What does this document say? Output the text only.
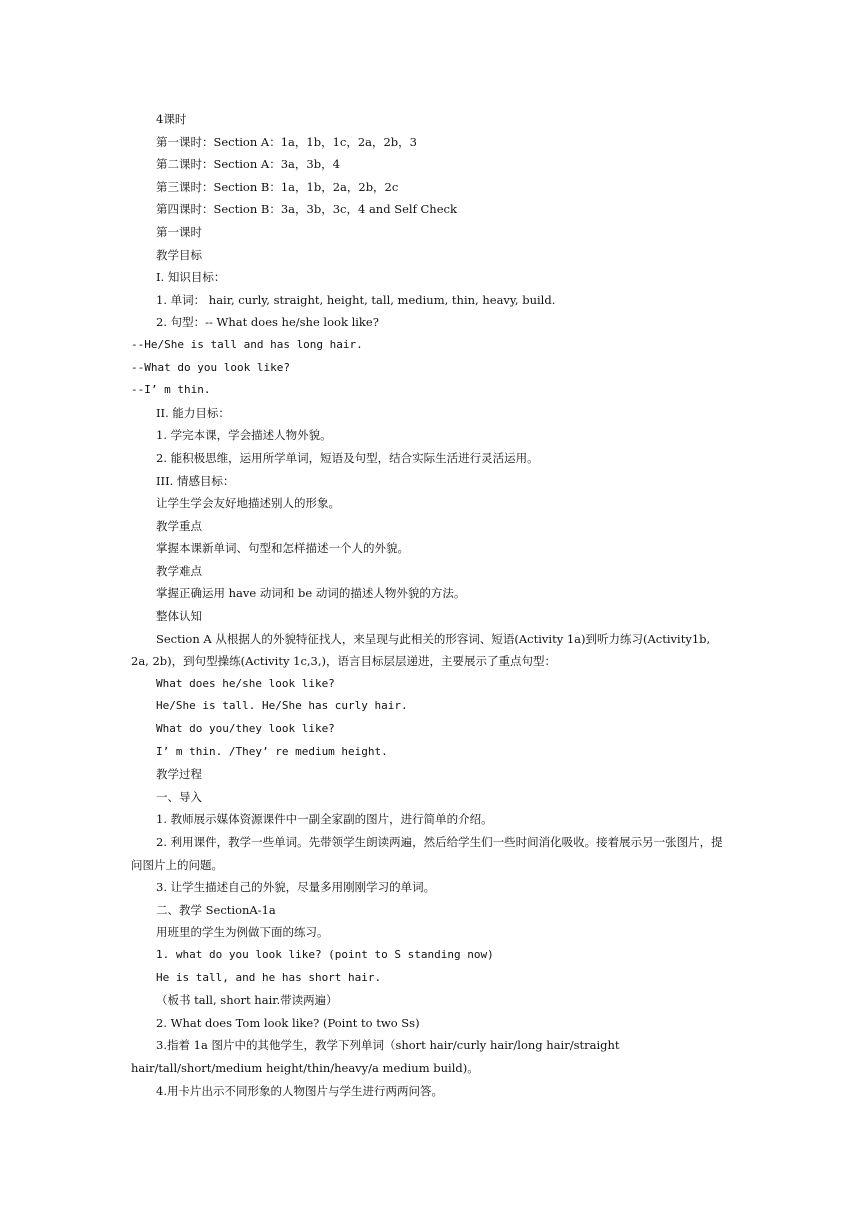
4课时
第一课时：Section A：1a，1b，1c，2a，2b，3
第二课时：Section A：3a，3b，4
第三课时：Section B：1a，1b，2a，2b，2c
第四课时：Section B：3a，3b，3c，4 and Self Check
第一课时
教学目标
I. 知识目标：
1. 单词： hair, curly, straight, height, tall, medium, thin, heavy, build.
2. 句型：-- What does he/she look like?
--He/She is tall and has long hair.
--What do you look like?
--I’ m thin.
II. 能力目标：
1. 学完本课，学会描述人物外貌。
2. 能积极思维，运用所学单词，短语及句型，结合实际生活进行灵活运用。
III. 情感目标：
让学生学会友好地描述别人的形象。
教学重点
掌握本课新单词、句型和怎样描述一个人的外貌。
教学难点
掌握正确运用 have 动词和 be 动词的描述人物外貌的方法。
整体认知
Section A 从根据人的外貌特征找人，来呈现与此相关的形容词、短语(Activity 1a)到听力练习(Activity1b, 2a, 2b)，到句型操练(Activity 1c,3,)，语言目标层层递进，主要展示了重点句型：
What does he/she look like?
He/She is tall. He/She has curly hair.
What do you/they look like?
I’ m thin. /They’ re medium height.
教学过程
一、导入
1. 教师展示媒体资源课件中一副全家副的图片，进行简单的介绍。
2. 利用课件，教学一些单词。先带领学生朗读两遍，然后给学生们一些时间消化吸收。接着展示另一张图片，提问图片上的问题。
3. 让学生描述自己的外貌，尽量多用刚刚学习的单词。
二、教学 SectionA-1a
用班里的学生为例做下面的练习。
1. what do you look like? (point to S standing now)
He is tall, and he has short hair.
（板书 tall, short hair.带读两遍）
2. What does Tom look like? (Point to two Ss)
3.指着 1a 图片中的其他学生，教学下列单词（short hair/curly hair/long hair/straight hair/tall/short/medium height/thin/heavy/a medium build)。
4.用卡片出示不同形象的人物图片与学生进行两两问答。
